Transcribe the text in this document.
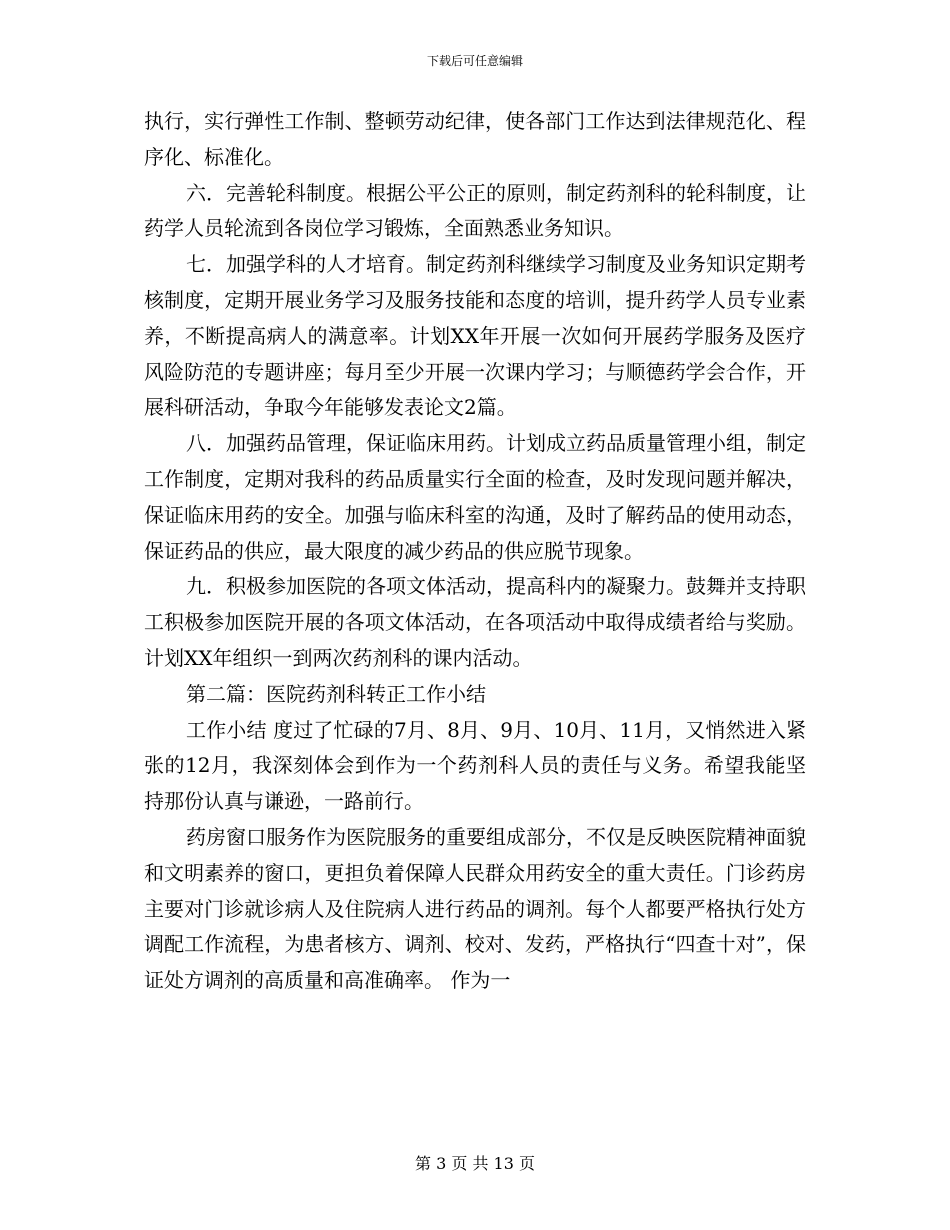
下载后可任意编辑

执行，实行弹性工作制、整顿劳动纪律，使各部门工作达到法律规范化、程序化、标准化。

六．完善轮科制度。根据公平公正的原则，制定药剂科的轮科制度，让药学人员轮流到各岗位学习锻炼，全面熟悉业务知识。

七．加强学科的人才培育。制定药剂科继续学习制度及业务知识定期考核制度，定期开展业务学习及服务技能和态度的培训，提升药学人员专业素养，不断提高病人的满意率。计划XX年开展一次如何开展药学服务及医疗风险防范的专题讲座；每月至少开展一次课内学习；与顺德药学会合作，开展科研活动，争取今年能够发表论文2篇。

八．加强药品管理，保证临床用药。计划成立药品质量管理小组，制定工作制度，定期对我科的药品质量实行全面的检查，及时发现问题并解决，保证临床用药的安全。加强与临床科室的沟通，及时了解药品的使用动态，保证药品的供应，最大限度的减少药品的供应脱节现象。

九．积极参加医院的各项文体活动，提高科内的凝聚力。鼓舞并支持职工积极参加医院开展的各项文体活动，在各项活动中取得成绩者给与奖励。计划XX年组织一到两次药剂科的课内活动。

第二篇：医院药剂科转正工作小结

工作小结 度过了忙碌的7月、8月、9月、10月、11月，又悄然进入紧张的12月，我深刻体会到作为一个药剂科人员的责任与义务。希望我能坚持那份认真与谦逊，一路前行。

药房窗口服务作为医院服务的重要组成部分，不仅是反映医院精神面貌和文明素养的窗口，更担负着保障人民群众用药安全的重大责任。门诊药房主要对门诊就诊病人及住院病人进行药品的调剂。每个人都要严格执行处方调配工作流程，为患者核方、调剂、校对、发药，严格执行“四查十对”，保证处方调剂的高质量和高准确率。 作为一

第 3 页 共 13 页
